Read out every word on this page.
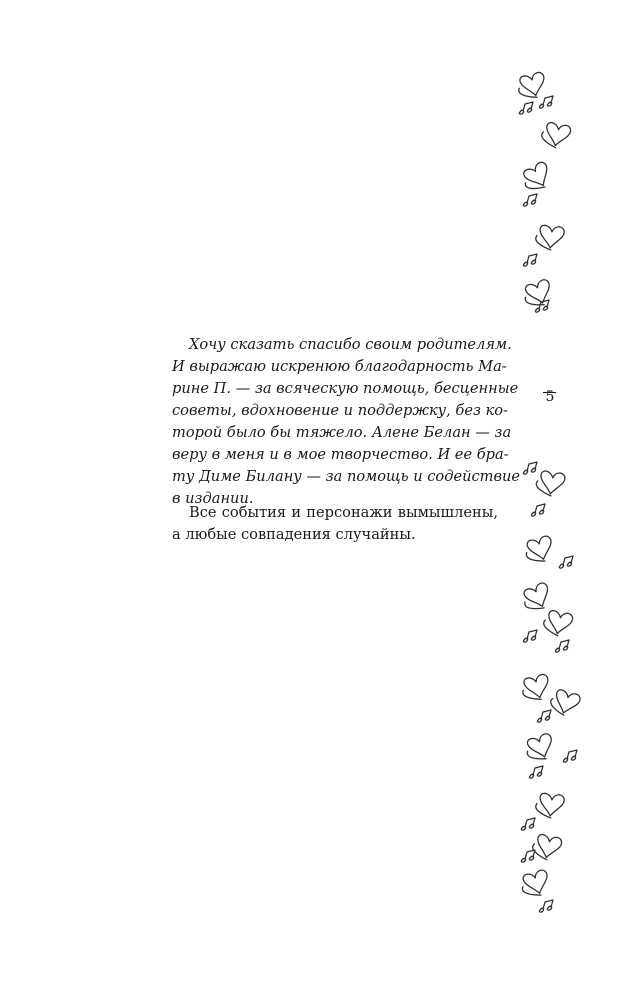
Хочу сказать спасибо своим родителям.
И выражаю искренюю благодарность Ма-
рине П. — за всяческую помощь, бесценные
советы, вдохновение и поддержку, без ко-
торой было бы тяжело. Алене Белан — за
веру в меня и в мое творчество. И ее бра-
ту Диме Билану — за помощь и содействие
в издании.
Все события и персонажи вымышлены,
а любые совпадения случайны.
5
